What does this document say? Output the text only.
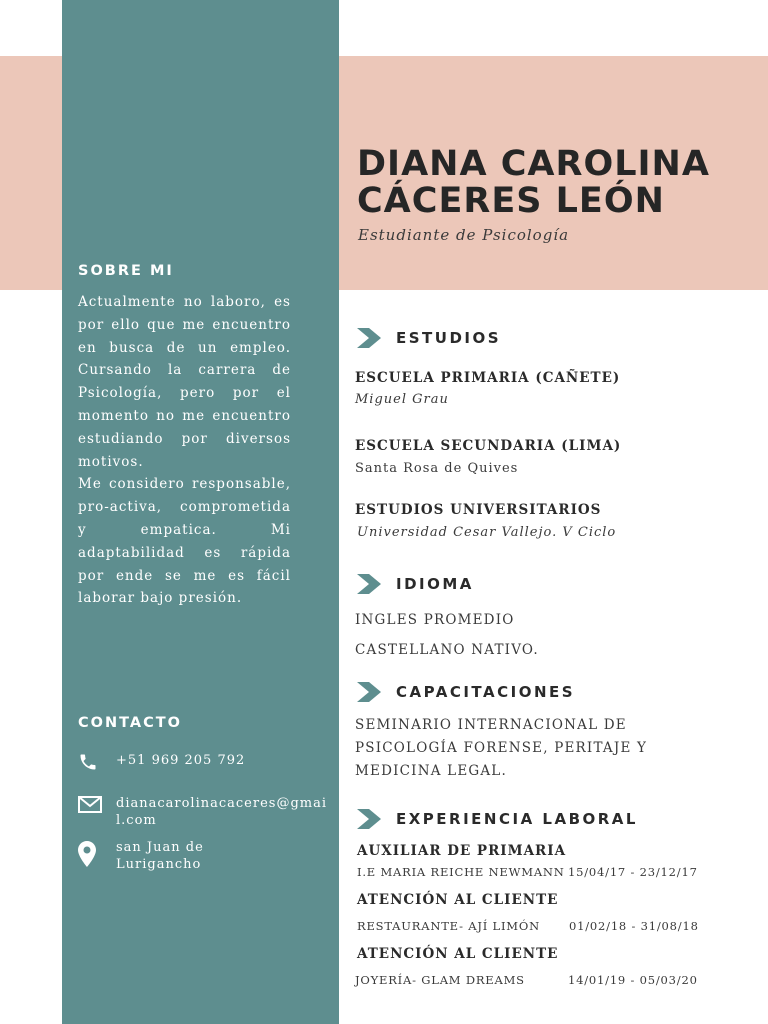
DIANA CAROLINA
CÁCERES LEÓN
Estudiante de Psicología
SOBRE MI

Actualmente no laboro, es por ello que me encuentro en busca de un empleo. Cursando la carrera de Psicología, pero por el momento no me encuentro estudiando por diversos motivos.

Me considero responsable, pro-activa, comprometida y empatica. Mi adaptabilidad es rápida por ende se me es fácil laborar bajo presión.

CONTACTO
+51 969 205 792
dianacarolinacaceres@gmai
l.com
san Juan de
Lurigancho
ESTUDIOS
ESCUELA PRIMARIA (CAÑETE)
Miguel Grau
ESCUELA SECUNDARIA (LIMA)
Santa Rosa de Quives
ESTUDIOS UNIVERSITARIOS
Universidad Cesar Vallejo. V Ciclo
IDIOMA
INGLES PROMEDIO
CASTELLANO NATIVO.
CAPACITACIONES
SEMINARIO INTERNACIONAL DE
PSICOLOGÍA FORENSE, PERITAJE Y
MEDICINA LEGAL.
EXPERIENCIA LABORAL
AUXILIAR DE PRIMARIA
I.E MARIA REICHE NEWMANN 15/04/17 - 23/12/17
ATENCIÓN AL CLIENTE
RESTAURANTE- AJÍ LIMÓN	01/02/18 - 31/08/18
ATENCIÓN AL CLIENTE
JOYERÍA- GLAM DREAMS	14/01/19 - 05/03/20
